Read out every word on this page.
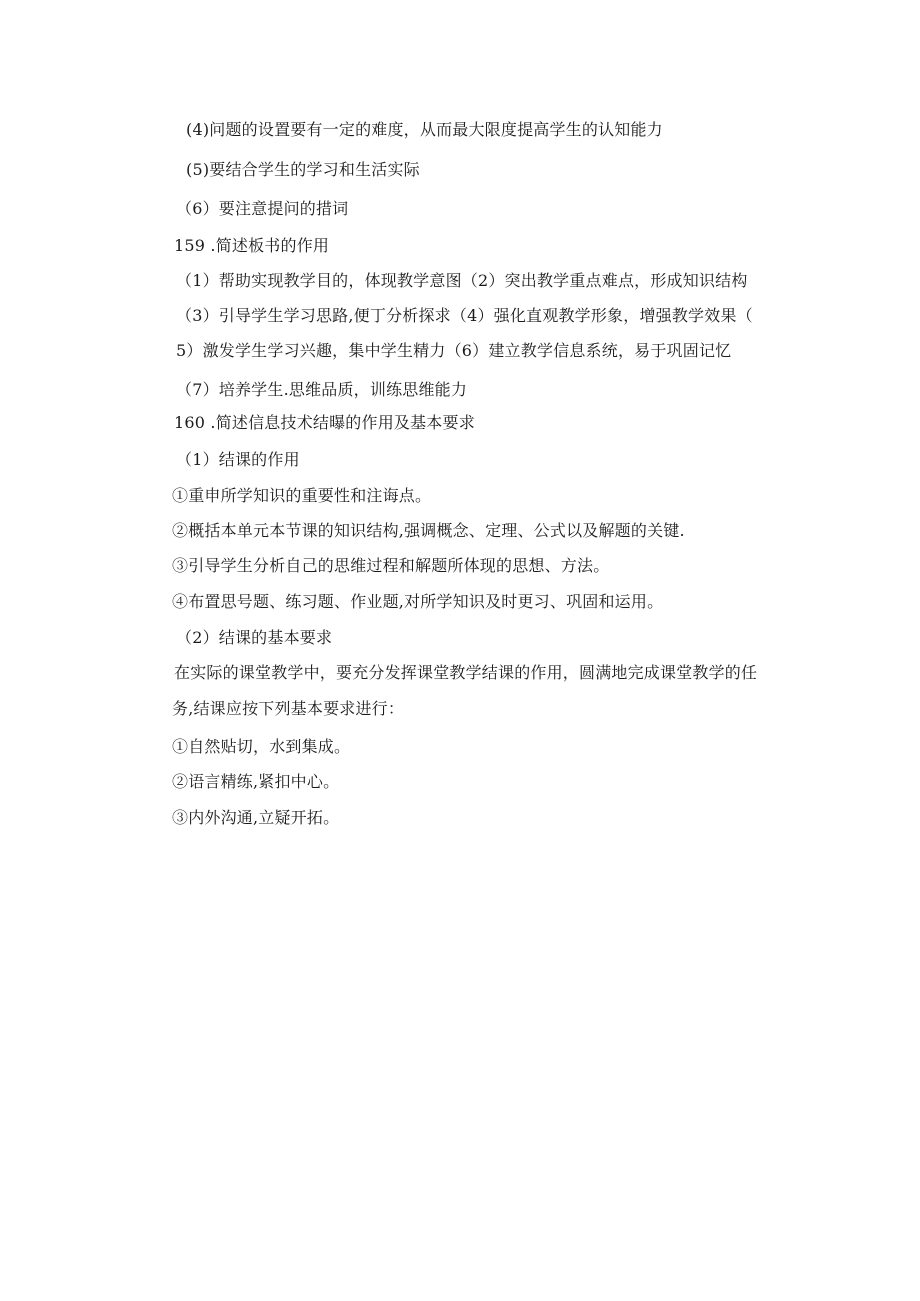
(4)问题的设置要有一定的难度，从而最大限度提高学生的认知能力
(5)要结合学生的学习和生活实际
（6）要注意提问的措词
159 .简述板书的作用
（1）帮助实现教学目的，体现教学意图（2）突出教学重点难点，形成知识结构
（3）引导学生学习思路,便丁分析探求（4）强化直观教学形象，增强教学效果（
5）激发学生学习兴趣，集中学生精力（6）建立教学信息系统，易于巩固记忆
（7）培养学生.思维品质，训练思维能力
160 .简述信息技术结曝的作用及基本要求
（1）结课的作用
①重申所学知识的重要性和注诲点。
②概括本单元本节课的知识结构,强调概念、定理、公式以及解题的关键.
③引导学生分析自己的思维过程和解题所体现的思想、方法。
④布置思号题、练习题、作业题,对所学知识及时更习、巩固和运用。
（2）结课的基本要求
在实际的课堂教学中，要充分发挥课堂教学结课的作用，圆满地完成课堂教学的任
务,结课应按下列基本要求进行：
①自然贴切，水到集成。
②语言精练,紧扣中心。
③内外沟通,立疑开拓。
